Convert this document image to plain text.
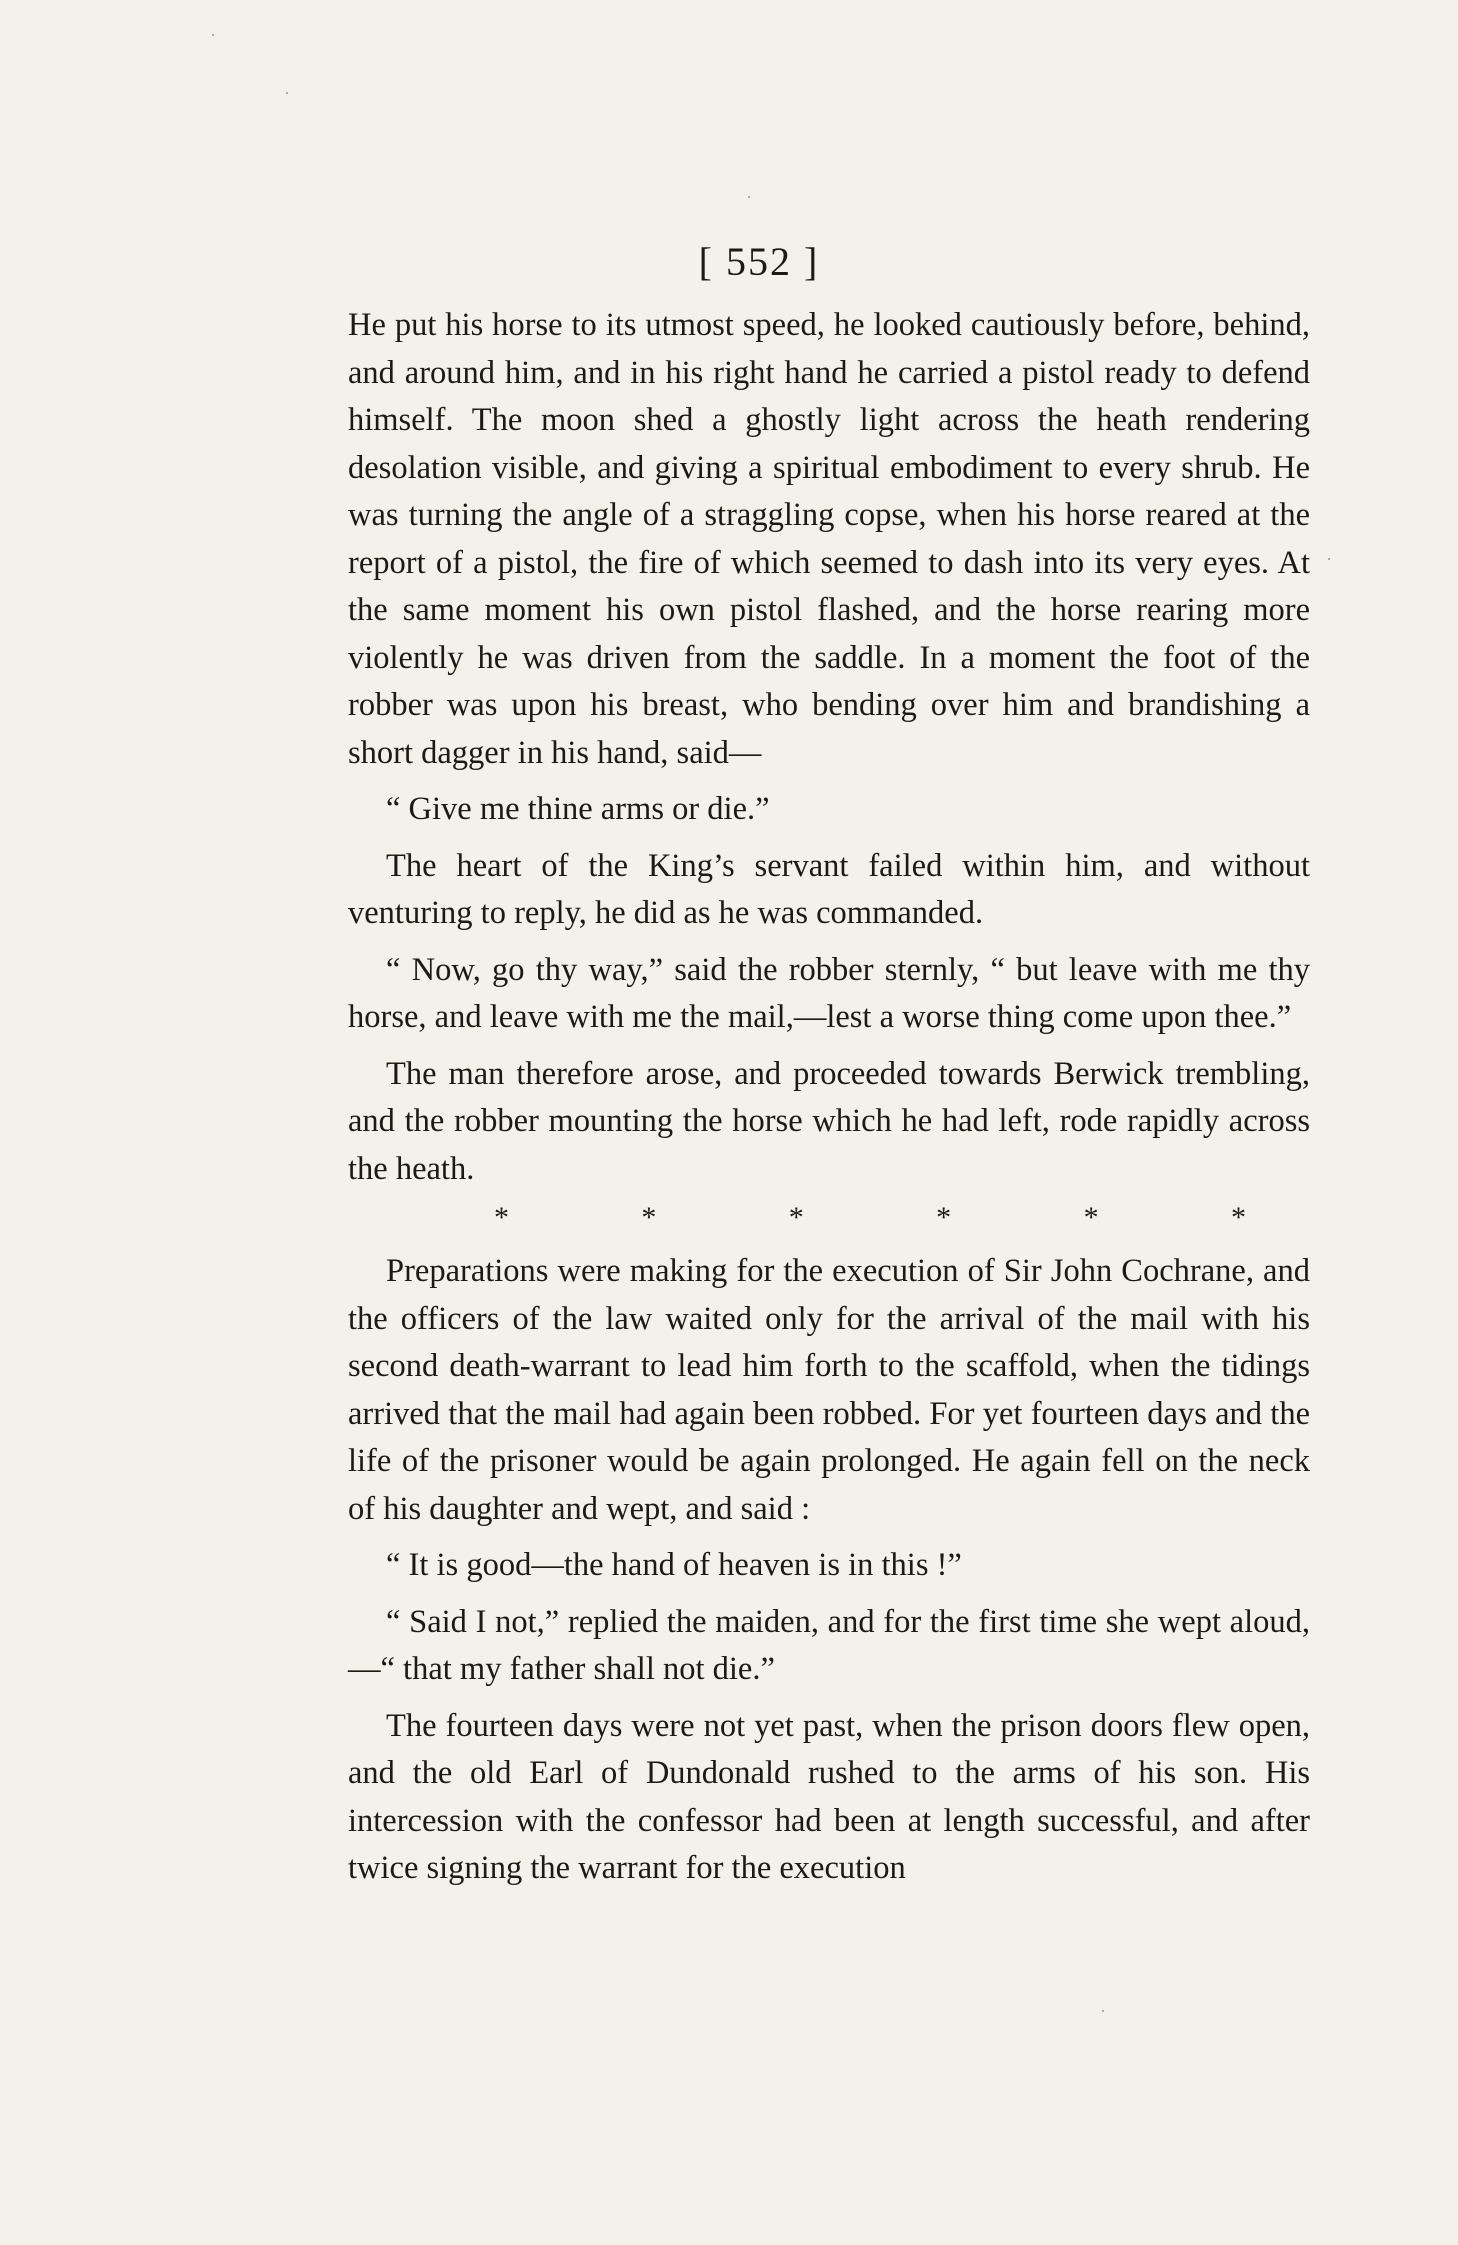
[ 552 ]

He put his horse to its utmost speed, he looked cautiously before, behind, and around him, and in his right hand he carried a pistol ready to defend himself. The moon shed a ghostly light across the heath rendering desolation visible, and giving a spiritual embodiment to every shrub. He was turning the angle of a straggling copse, when his horse reared at the report of a pistol, the fire of which seemed to dash into its very eyes. At the same moment his own pistol flashed, and the horse rearing more violently he was driven from the saddle. In a moment the foot of the robber was upon his breast, who bending over him and brandishing a short dagger in his hand, said—

“ Give me thine arms or die.”

The heart of the King’s servant failed within him, and without venturing to reply, he did as he was commanded.

“ Now, go thy way,” said the robber sternly, “ but leave with me thy horse, and leave with me the mail,—lest a worse thing come upon thee.”

The man therefore arose, and proceeded towards Berwick trembling, and the robber mounting the horse which he had left, rode rapidly across the heath.

*	*	*	*	*	*

Preparations were making for the execution of Sir John Cochrane, and the officers of the law waited only for the arrival of the mail with his second death-warrant to lead him forth to the scaffold, when the tidings arrived that the mail had again been robbed. For yet fourteen days and the life of the prisoner would be again prolonged. He again fell on the neck of his daughter and wept, and said :

“ It is good—the hand of heaven is in this !”

“ Said I not,” replied the maiden, and for the first time she wept aloud,—“ that my father shall not die.”

The fourteen days were not yet past, when the prison doors flew open, and the old Earl of Dundonald rushed to the arms of his son. His intercession with the confessor had been at length successful, and after twice signing the warrant for the execution
